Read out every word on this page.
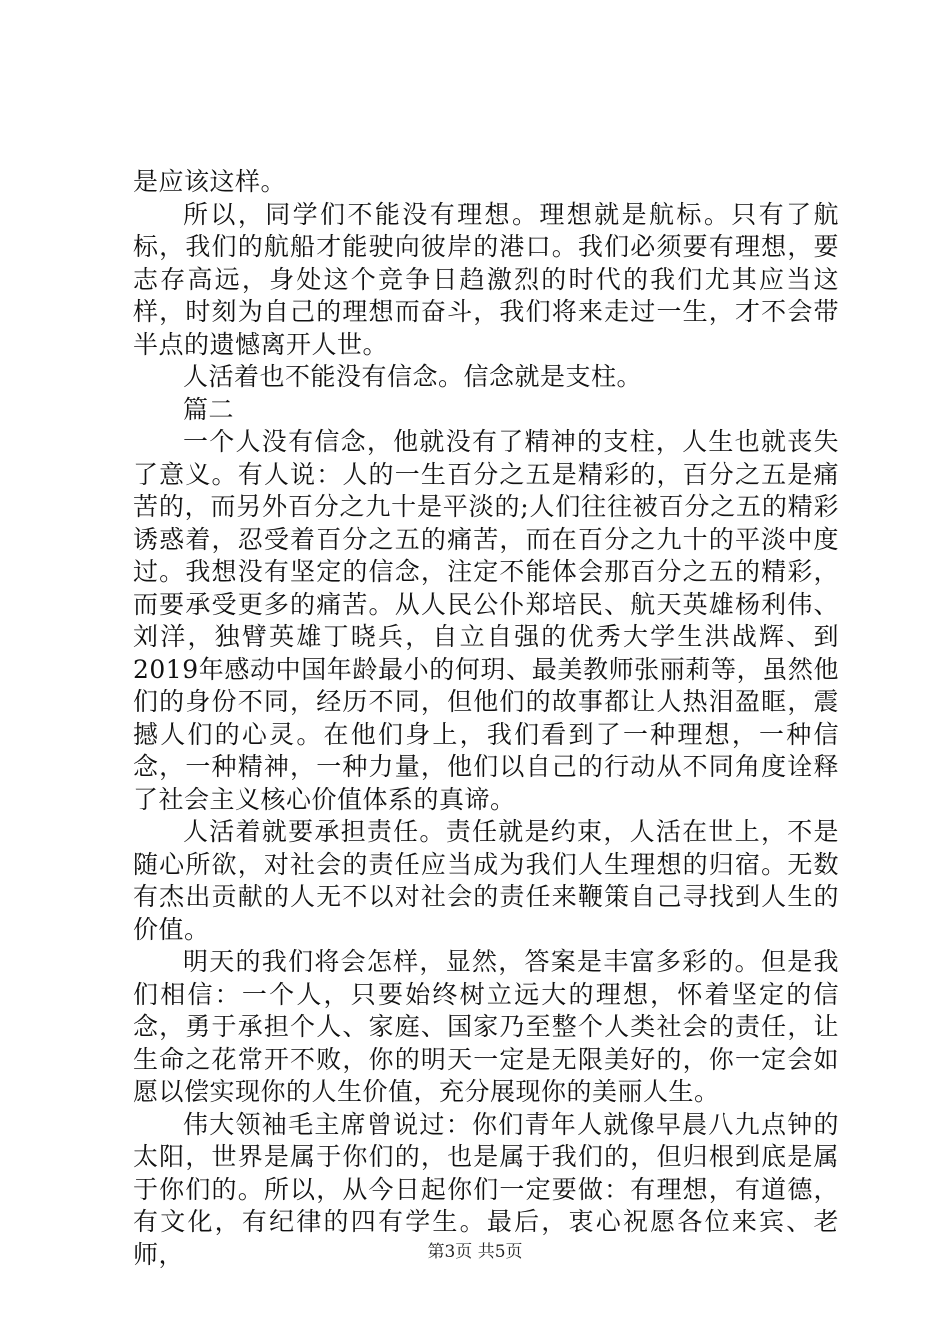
是应该这样。

所以，同学们不能没有理想。理想就是航标。只有了航标，我们的航船才能驶向彼岸的港口。我们必须要有理想，要志存高远，身处这个竞争日趋激烈的时代的我们尤其应当这样，时刻为自己的理想而奋斗，我们将来走过一生，才不会带半点的遗憾离开人世。

人活着也不能没有信念。信念就是支柱。

篇二

一个人没有信念，他就没有了精神的支柱，人生也就丧失了意义。有人说：人的一生百分之五是精彩的，百分之五是痛苦的，而另外百分之九十是平淡的;人们往往被百分之五的精彩诱惑着，忍受着百分之五的痛苦，而在百分之九十的平淡中度过。我想没有坚定的信念，注定不能体会那百分之五的精彩，而要承受更多的痛苦。从人民公仆郑培民、航天英雄杨利伟、刘洋，独臂英雄丁晓兵，自立自强的优秀大学生洪战辉、到2019年感动中国年龄最小的何玥、最美教师张丽莉等，虽然他们的身份不同，经历不同，但他们的故事都让人热泪盈眶，震撼人们的心灵。在他们身上，我们看到了一种理想，一种信念，一种精神，一种力量，他们以自己的行动从不同角度诠释了社会主义核心价值体系的真谛。

人活着就要承担责任。责任就是约束，人活在世上，不是随心所欲，对社会的责任应当成为我们人生理想的归宿。无数有杰出贡献的人无不以对社会的责任来鞭策自己寻找到人生的价值。

明天的我们将会怎样，显然，答案是丰富多彩的。但是我们相信：一个人，只要始终树立远大的理想，怀着坚定的信念，勇于承担个人、家庭、国家乃至整个人类社会的责任，让生命之花常开不败，你的明天一定是无限美好的，你一定会如愿以偿实现你的人生价值，充分展现你的美丽人生。

伟大领袖毛主席曾说过：你们青年人就像早晨八九点钟的太阳，世界是属于你们的，也是属于我们的，但归根到底是属于你们的。所以，从今日起你们一定要做：有理想，有道德，有文化，有纪律的四有学生。最后，衷心祝愿各位来宾、老师，	第3页 共5页
